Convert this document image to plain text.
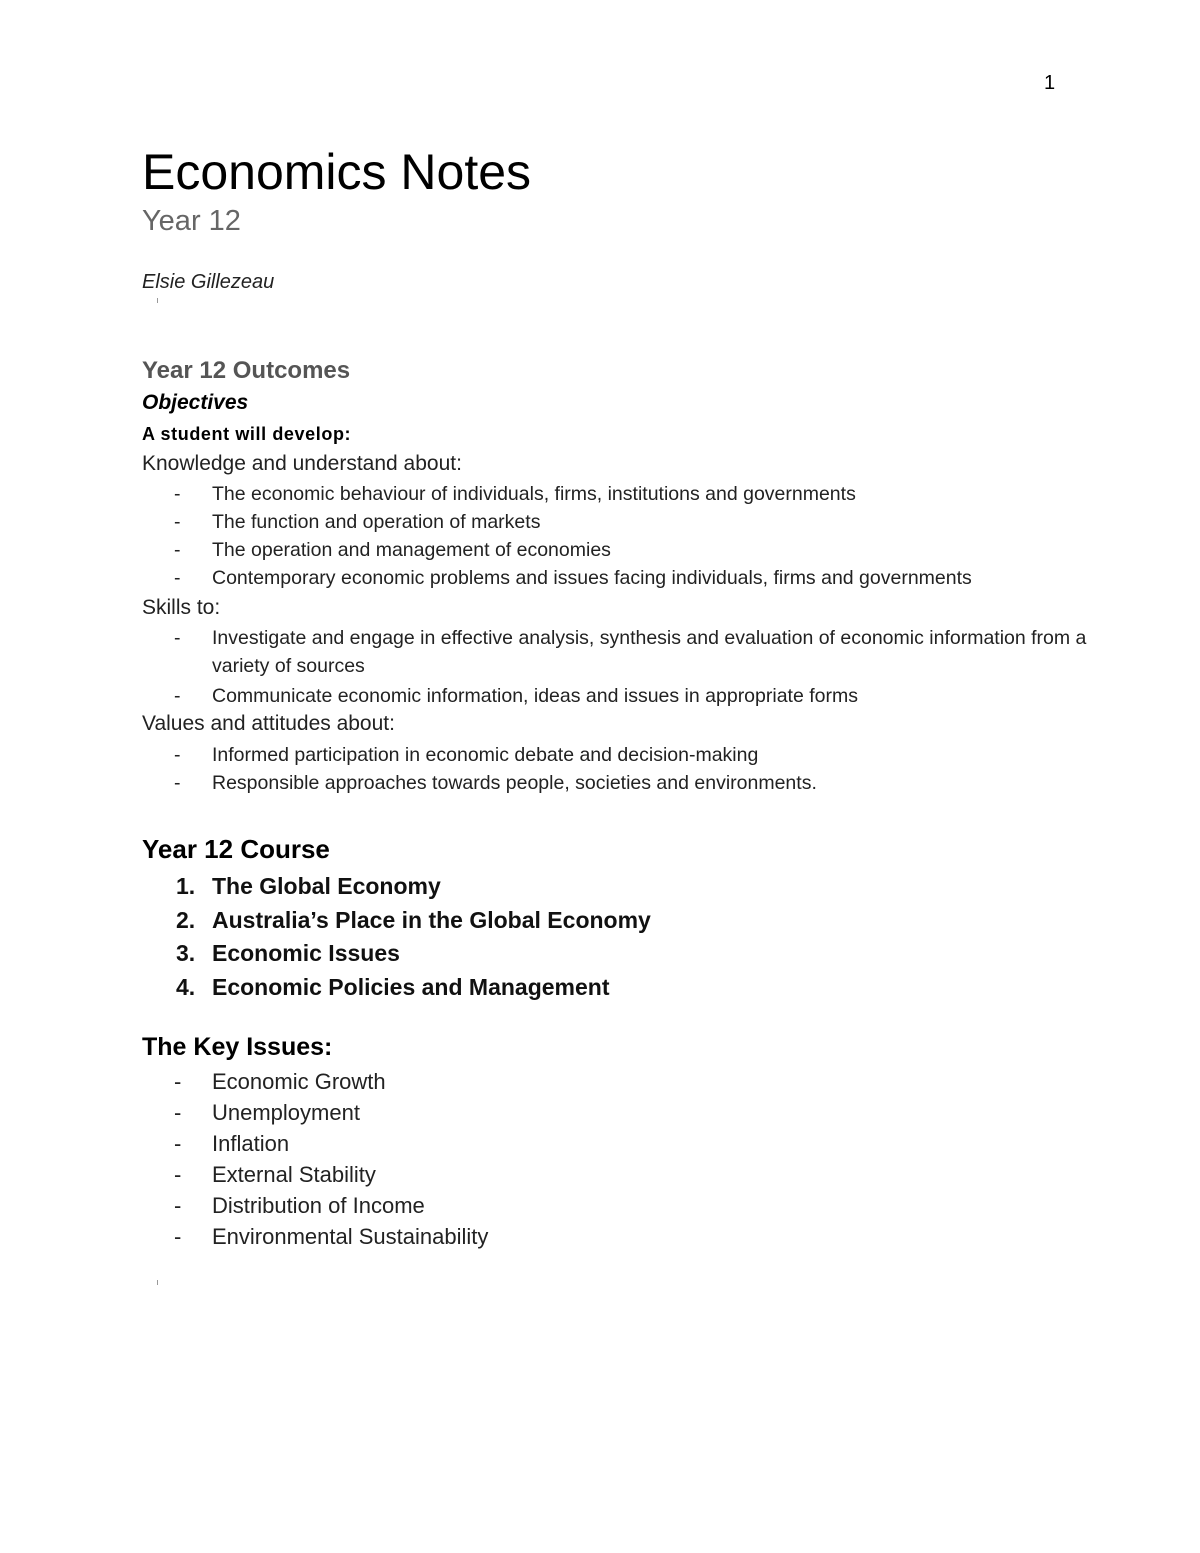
1
Economics Notes
Year 12
Elsie Gillezeau
Year 12 Outcomes
Objectives
A student will develop:
Knowledge and understand about:
- The economic behaviour of individuals, firms, institutions and governments
- The function and operation of markets
- The operation and management of economies
- Contemporary economic problems and issues facing individuals, firms and governments
Skills to:
- Investigate and engage in effective analysis, synthesis and evaluation of economic information from a variety of sources
- Communicate economic information, ideas and issues in appropriate forms
Values and attitudes about:
- Informed participation in economic debate and decision-making
- Responsible approaches towards people, societies and environments.
Year 12 Course
1. The Global Economy
2. Australia’s Place in the Global Economy
3. Economic Issues
4. Economic Policies and Management
The Key Issues:
- Economic Growth
- Unemployment
- Inflation
- External Stability
- Distribution of Income
- Environmental Sustainability
